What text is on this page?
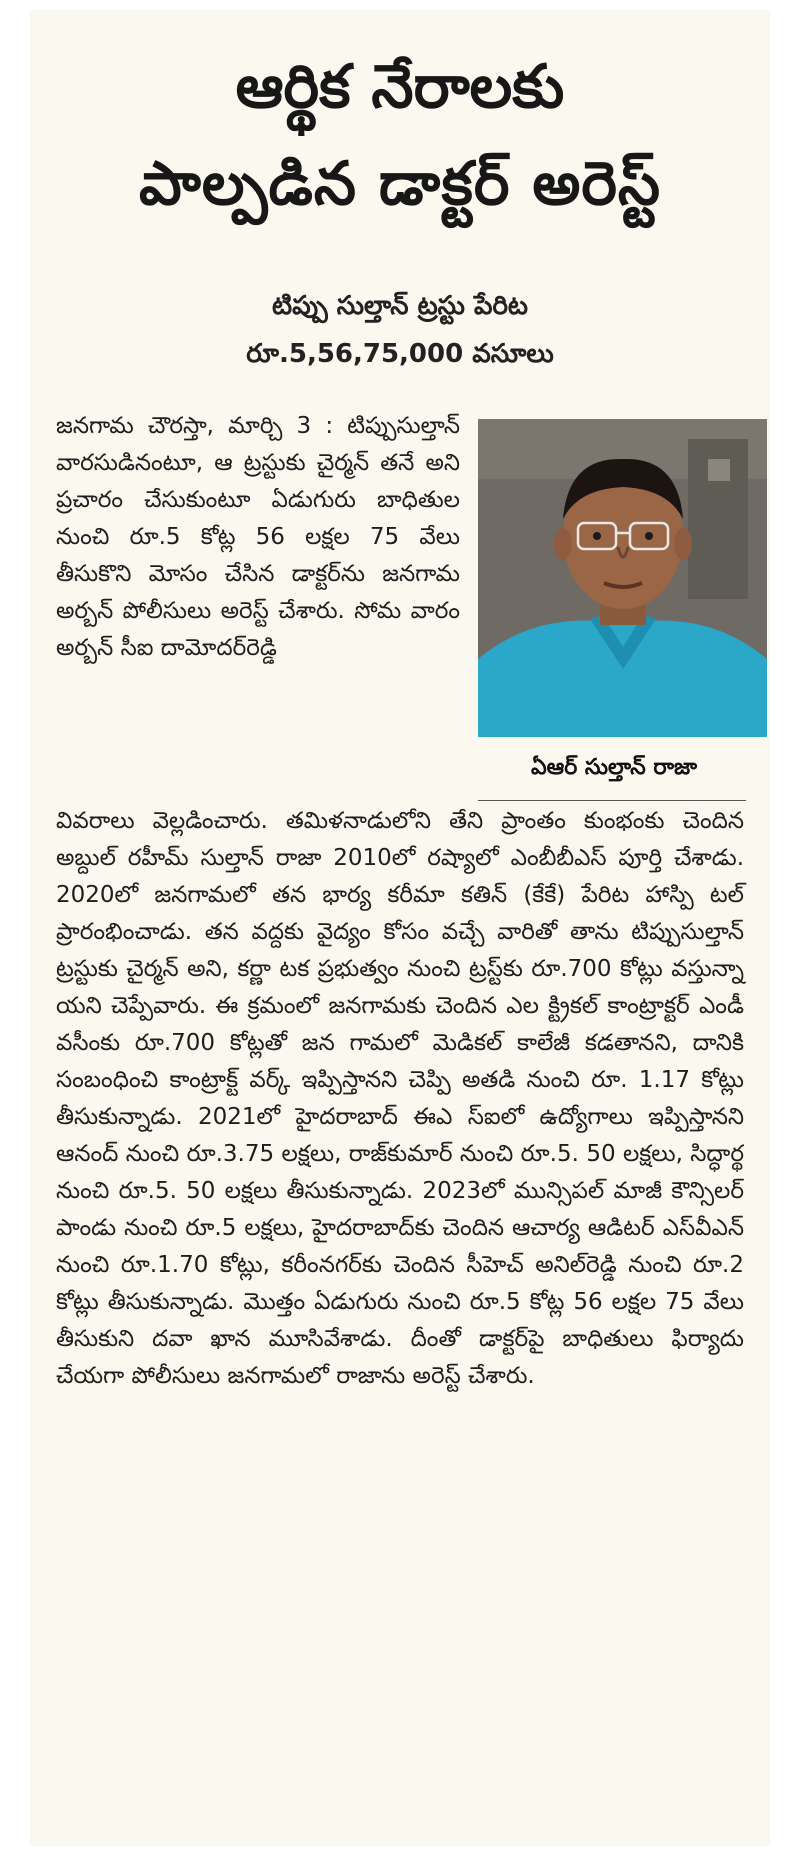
ఆర్థిక నేరాలకు
పాల్పడిన డాక్టర్ అరెస్ట్
టిప్పు సుల్తాన్ ట్రస్టు పేరిట
రూ.5,56,75,000 వసూలు

జనగామ చౌరస్తా, మార్చి 3 : టిప్పుసుల్తాన్ వారసుడినంటూ, ఆ ట్రస్టుకు చైర్మన్ తనే అని ప్రచారం చేసుకుంటూ ఏడుగురు బాధితుల నుంచి రూ.5 కోట్ల 56 లక్షల 75 వేలు తీసుకొని మోసం చేసిన డాక్టర్‌ను జనగామ అర్బన్ పోలీసులు అరెస్ట్ చేశారు. సోమ వారం అర్బన్ సీఐ దామోదర్‌రెడ్డి

ఏఆర్ సుల్తాన్ రాజా

వివరాలు వెల్లడించారు. తమిళనాడులోని తేని ప్రాంతం కుంభంకు చెందిన అబ్దుల్ రహీమ్ సుల్తాన్ రాజా 2010లో రష్యాలో ఎంబీబీఎస్ పూర్తి చేశాడు. 2020లో జనగామలో తన భార్య కరీమా కతిన్ (కేకే) పేరిట హాస్పి టల్ ప్రారంభించాడు. తన వద్దకు వైద్యం కోసం వచ్చే వారితో తాను టిప్పుసుల్తాన్ ట్రస్టుకు చైర్మన్ అని, కర్ణా టక ప్రభుత్వం నుంచి ట్రస్ట్‌కు రూ.700 కోట్లు వస్తున్నా యని చెప్పేవారు. ఈ క్రమంలో జనగామకు చెందిన ఎల క్ట్రికల్ కాంట్రాక్టర్ ఎండీ వసీంకు రూ.700 కోట్లతో జన గామలో మెడికల్ కాలేజీ కడతానని, దానికి సంబంధించి కాంట్రాక్ట్ వర్క్ ఇప్పిస్తానని చెప్పి అతడి నుంచి రూ. 1.17 కోట్లు తీసుకున్నాడు. 2021లో హైదరాబాద్ ఈఎ స్ఐలో ఉద్యోగాలు ఇప్పిస్తానని ఆనంద్ నుంచి రూ.3.75 లక్షలు, రాజ్‌కుమార్ నుంచి రూ.5. 50 లక్షలు, సిద్ధార్థ నుంచి రూ.5. 50 లక్షలు తీసుకున్నాడు. 2023లో మున్సిపల్ మాజీ కౌన్సిలర్ పాండు నుంచి రూ.5 లక్షలు, హైదరాబాద్‌కు చెందిన ఆచార్య ఆడిటర్ ఎస్‌వీఎన్ నుంచి రూ.1.70 కోట్లు, కరీంనగర్‌కు చెందిన సీహెచ్ అనిల్‌రెడ్డి నుంచి రూ.2 కోట్లు తీసుకున్నాడు. మొత్తం ఏడుగురు నుంచి రూ.5 కోట్ల 56 లక్షల 75 వేలు తీసుకుని దవా ఖాన మూసివేశాడు. దీంతో డాక్టర్‌పై బాధితులు ఫిర్యాదు చేయగా పోలీసులు జనగామలో రాజాను అరెస్ట్ చేశారు.
